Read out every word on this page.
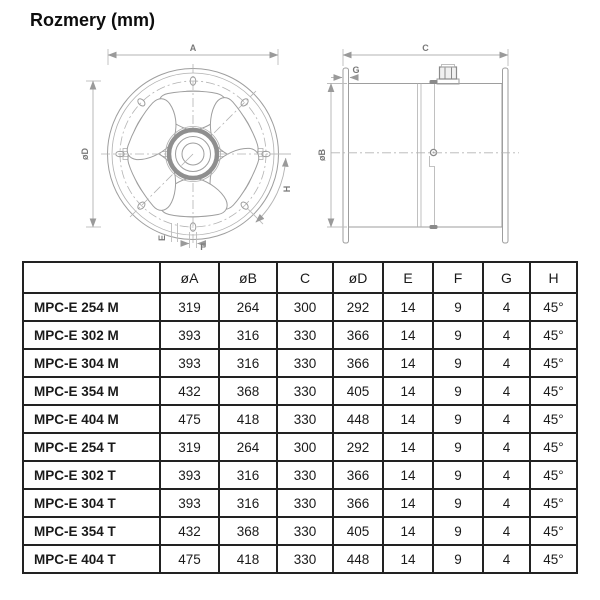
Rozmery (mm)
A
øD
H
E
F
C
G
øB
	øA	øB	C	øD	E	F	G	H
MPC-E 254 M	319	264	300	292	14	9	4	45°
MPC-E 302 M	393	316	330	366	14	9	4	45°
MPC-E 304 M	393	316	330	366	14	9	4	45°
MPC-E 354 M	432	368	330	405	14	9	4	45°
MPC-E 404 M	475	418	330	448	14	9	4	45°
MPC-E 254 T	319	264	300	292	14	9	4	45°
MPC-E 302 T	393	316	330	366	14	9	4	45°
MPC-E 304 T	393	316	330	366	14	9	4	45°
MPC-E 354 T	432	368	330	405	14	9	4	45°
MPC-E 404 T	475	418	330	448	14	9	4	45°
